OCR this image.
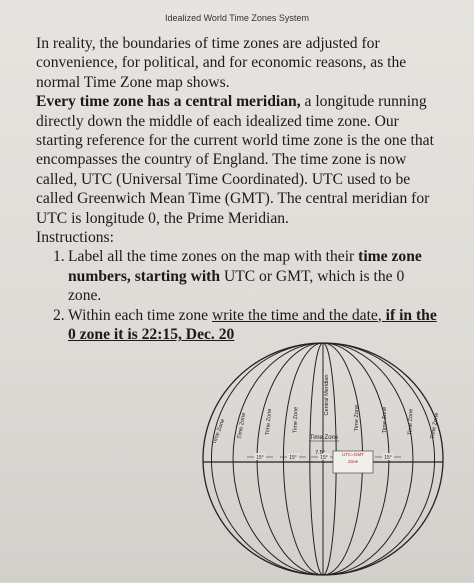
Idealized World Time Zones System

In reality, the boundaries of time zones are adjusted for convenience, for political, and for economic reasons, as the normal Time Zone map shows.

Every time zone has a central meridian, a longitude running directly down the middle of each idealized time zone. Our starting reference for the current world time zone is the one that encompasses the country of England. The time zone is now called, UTC (Universal Time Coordinated). UTC used to be called Greenwich Mean Time (GMT). The central meridian for UTC is longitude 0, the Prime Meridian.

Instructions:

1. Label all the time zones on the map with their time zone numbers, starting with UTC or GMT, which is the 0 zone.
2. Within each time zone write the time and the date, if in the 0 zone it is 22:15, Dec. 20
Time Zone Time Zone	Time Zone	Time Zone	Time Zone	Time Zone	Time Zone	Time Zone
15°	15°	15°	15°
UTC=GMT
Zone
7.5°
Central Meridian
Time Zone
